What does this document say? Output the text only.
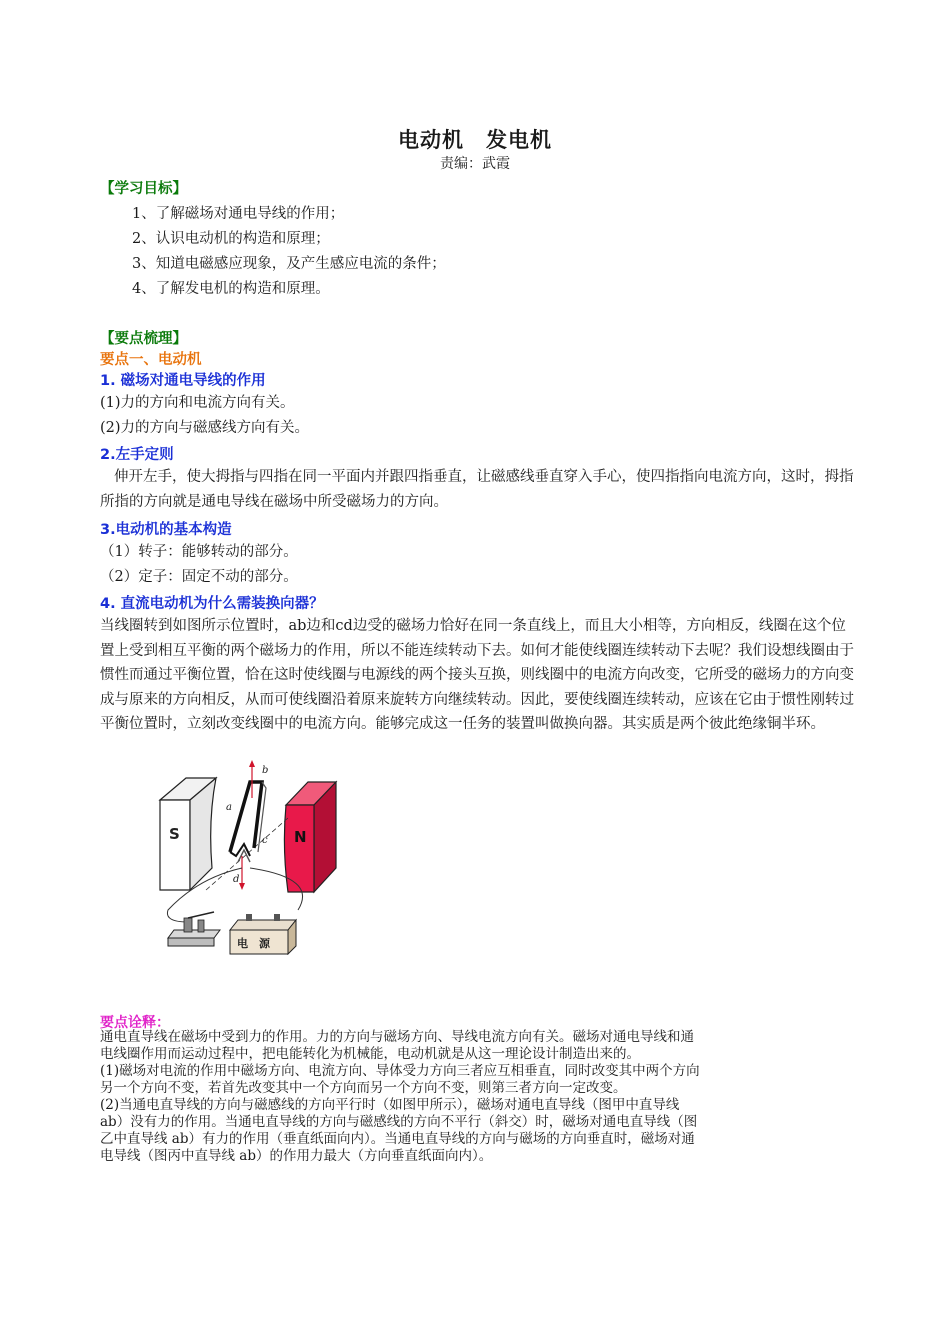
电动机　发电机
责编：武霞
【学习目标】
1、了解磁场对通电导线的作用；
2、认识电动机的构造和原理；
3、知道电磁感应现象，及产生感应电流的条件；
4、了解发电机的构造和原理。
【要点梳理】
要点一、电动机
1. 磁场对通电导线的作用
(1)力的方向和电流方向有关。
(2)力的方向与磁感线方向有关。
2.左手定则
伸开左手，使大拇指与四指在同一平面内并跟四指垂直，让磁感线垂直穿入手心，使四指指向电流方向，这时，拇指所指的方向就是通电导线在磁场中所受磁场力的方向。
3.电动机的基本构造
（1）转子：能够转动的部分。
（2）定子：固定不动的部分。
4. 直流电动机为什么需装换向器？
当线圈转到如图所示位置时，ab边和cd边受的磁场力恰好在同一条直线上，而且大小相等，方向相反，线圈在这个位置上受到相互平衡的两个磁场力的作用，所以不能连续转动下去。如何才能使线圈连续转动下去呢？我们设想线圈由于惯性而通过平衡位置，恰在这时使线圈与电源线的两个接头互换，则线圈中的电流方向改变，它所受的磁场力的方向变成与原来的方向相反，从而可使线圈沿着原来旋转方向继续转动。因此，要使线圈连续转动，应该在它由于惯性刚转过平衡位置时，立刻改变线圈中的电流方向。能够完成这一任务的装置叫做换向器。其实质是两个彼此绝缘铜半环。
S	N
b
a
c
d
电　源
要点诠释：
通电直导线在磁场中受到力的作用。力的方向与磁场方向、导线电流方向有关。磁场对通电导线和通
电线圈作用而运动过程中，把电能转化为机械能，电动机就是从这一理论设计制造出来的。
(1)磁场对电流的作用中磁场方向、电流方向、导体受力方向三者应互相垂直，同时改变其中两个方向
另一个方向不变，若首先改变其中一个方向而另一个方向不变，则第三者方向一定改变。
(2)当通电直导线的方向与磁感线的方向平行时（如图甲所示），磁场对通电直导线（图甲中直导线
ab）没有力的作用。当通电直导线的方向与磁感线的方向不平行（斜交）时，磁场对通电直导线（图
乙中直导线 ab）有力的作用（垂直纸面向内）。当通电直导线的方向与磁场的方向垂直时，磁场对通
电导线（图丙中直导线 ab）的作用力最大（方向垂直纸面向内）。
